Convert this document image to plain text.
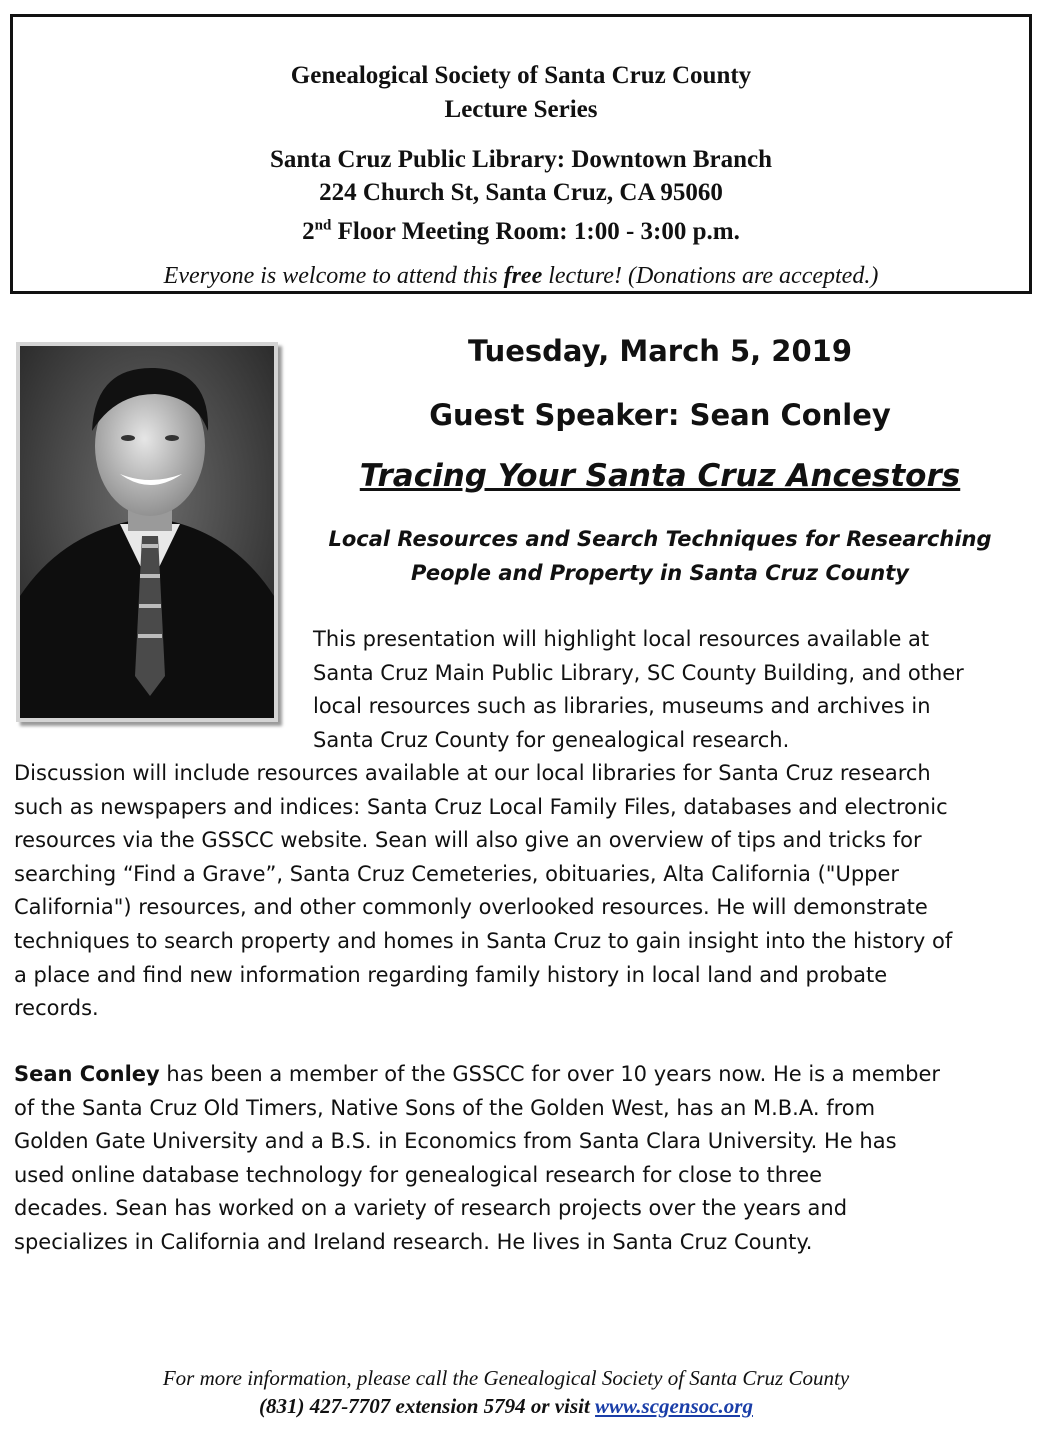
Genealogical Society of Santa Cruz County
Lecture Series
Santa Cruz Public Library: Downtown Branch
224 Church St, Santa Cruz, CA 95060
2nd Floor Meeting Room: 1:00 - 3:00 p.m.
Everyone is welcome to attend this free lecture! (Donations are accepted.)
Tuesday, March 5, 2019
Guest Speaker: Sean Conley
Tracing Your Santa Cruz Ancestors
Local Resources and Search Techniques for Researching
People and Property in Santa Cruz County
This presentation will highlight local resources available at
Santa Cruz Main Public Library, SC County Building, and other
local resources such as libraries, museums and archives in
Santa Cruz County for genealogical research.
Discussion will include resources available at our local libraries for Santa Cruz research
such as newspapers and indices: Santa Cruz Local Family Files, databases and electronic
resources via the GSSCC website. Sean will also give an overview of tips and tricks for
searching “Find a Grave”, Santa Cruz Cemeteries, obituaries, Alta California ("Upper
California") resources, and other commonly overlooked resources. He will demonstrate
techniques to search property and homes in Santa Cruz to gain insight into the history of
a place and find new information regarding family history in local land and probate
records.
Sean Conley has been a member of the GSSCC for over 10 years now. He is a member
of the Santa Cruz Old Timers, Native Sons of the Golden West, has an M.B.A. from
Golden Gate University and a B.S. in Economics from Santa Clara University. He has
used online database technology for genealogical research for close to three
decades. Sean has worked on a variety of research projects over the years and
specializes in California and Ireland research. He lives in Santa Cruz County.
For more information, please call the Genealogical Society of Santa Cruz County
(831) 427-7707 extension 5794 or visit www.scgensoc.org
